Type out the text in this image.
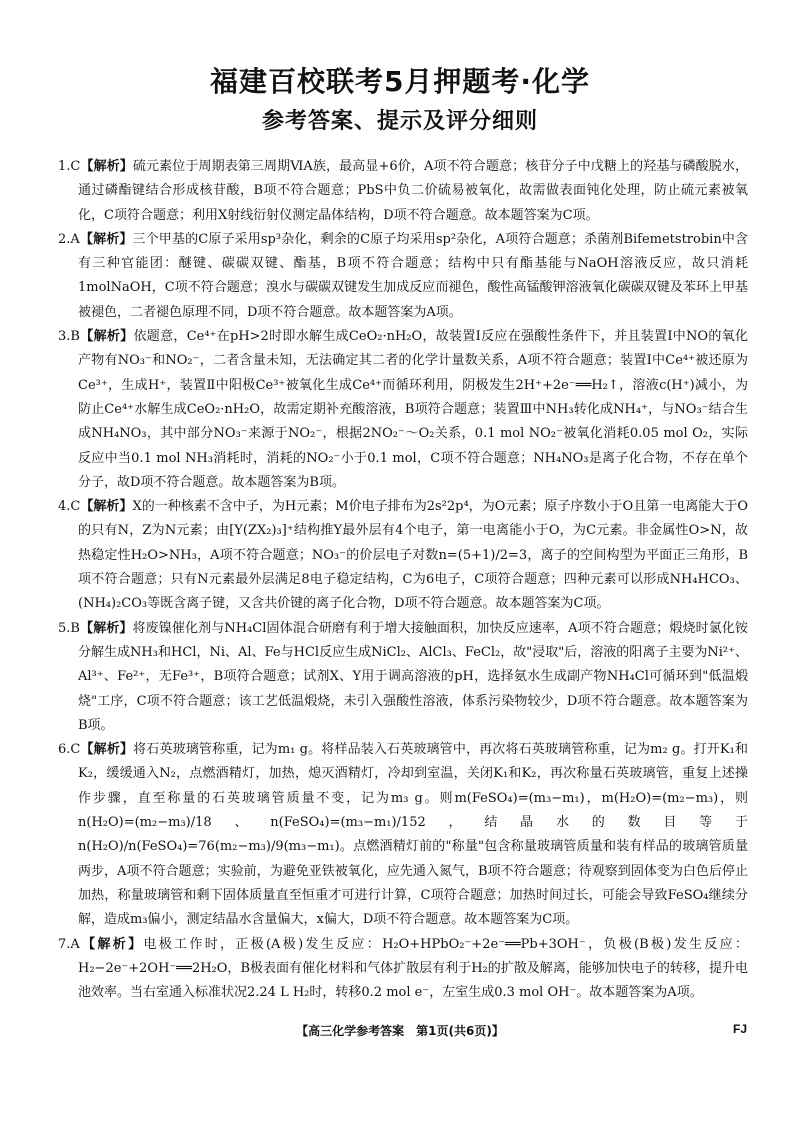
福建百校联考5月押题考·化学
参考答案、提示及评分细则

1.C【解析】硫元素位于周期表第三周期ⅥA族，最高显+6价，A项不符合题意；核苷分子中戊糖上的羟基与磷酸脱水，通过磷酯键结合形成核苷酸，B项不符合题意；PbS中负二价硫易被氧化，故需做表面钝化处理，防止硫元素被氧化，C项符合题意；利用X射线衍射仪测定晶体结构，D项不符合题意。故本题答案为C项。

2.A【解析】三个甲基的C原子采用sp³杂化，剩余的C原子均采用sp²杂化，A项符合题意；杀菌剂Bifemetstrobin中含有三种官能团：醚键、碳碳双键、酯基，B项不符合题意；结构中只有酯基能与NaOH溶液反应，故只消耗1molNaOH，C项不符合题意；溴水与碳碳双键发生加成反应而褪色，酸性高锰酸钾溶液氧化碳碳双键及苯环上甲基被褪色，二者褪色原理不同，D项不符合题意。故本题答案为A项。

3.B【解析】依题意，Ce⁴⁺在pH>2时即水解生成CeO₂·nH₂O，故装置Ⅰ反应在强酸性条件下，并且装置Ⅰ中NO的氧化产物有NO₃⁻和NO₂⁻，二者含量未知，无法确定其二者的化学计量数关系，A项不符合题意；装置Ⅰ中Ce⁴⁺被还原为Ce³⁺，生成H⁺，装置Ⅱ中阳极Ce³⁺被氧化生成Ce⁴⁺而循环利用，阴极发生2H⁺+2e⁻══H₂↑，溶液c(H⁺)减小，为防止Ce⁴⁺水解生成CeO₂·nH₂O，故需定期补充酸溶液，B项符合题意；装置Ⅲ中NH₃转化成NH₄⁺，与NO₃⁻结合生成NH₄NO₃，其中部分NO₃⁻来源于NO₂⁻，根据2NO₂⁻～O₂关系，0.1 mol NO₂⁻被氧化消耗0.05 mol O₂，实际反应中当0.1 mol NH₃消耗时，消耗的NO₂⁻小于0.1 mol，C项不符合题意；NH₄NO₃是离子化合物，不存在单个分子，故D项不符合题意。故本题答案为B项。

4.C【解析】X的一种核素不含中子，为H元素；M价电子排布为2s²2p⁴，为O元素；原子序数小于O且第一电离能大于O的只有N，Z为N元素；由[Y(ZX₂)₃]⁺结构推Y最外层有4个电子，第一电离能小于O，为C元素。非金属性O>N，故热稳定性H₂O>NH₃，A项不符合题意；NO₃⁻的价层电子对数n=(5+1)/2=3，离子的空间构型为平面正三角形，B项不符合题意；只有N元素最外层满足8电子稳定结构，C为6电子，C项符合题意；四种元素可以形成NH₄HCO₃、(NH₄)₂CO₃等既含离子键，又含共价键的离子化合物，D项不符合题意。故本题答案为C项。

5.B【解析】将废镍催化剂与NH₄Cl固体混合研磨有利于增大接触面积，加快反应速率，A项不符合题意；煅烧时氯化铵分解生成NH₃和HCl，Ni、Al、Fe与HCl反应生成NiCl₂、AlCl₃、FeCl₂，故"浸取"后，溶液的阳离子主要为Ni²⁺、Al³⁺、Fe²⁺，无Fe³⁺，B项符合题意；试剂X、Y用于调高溶液的pH，选择氨水生成副产物NH₄Cl可循环到"低温煅烧"工序，C项不符合题意；该工艺低温煅烧，未引入强酸性溶液，体系污染物较少，D项不符合题意。故本题答案为B项。

6.C【解析】将石英玻璃管称重，记为m₁ g。将样品装入石英玻璃管中，再次将石英玻璃管称重，记为m₂ g。打开K₁和K₂，缓缓通入N₂，点燃酒精灯，加热，熄灭酒精灯，冷却到室温，关闭K₁和K₂，再次称量石英玻璃管，重复上述操作步骤，直至称量的石英玻璃管质量不变，记为m₃ g。则m(FeSO₄)=(m₃−m₁)，m(H₂O)=(m₂−m₃)，则n(H₂O)=(m₂−m₃)/18、n(FeSO₄)=(m₃−m₁)/152，结晶水的数目等于n(H₂O)/n(FeSO₄)=76(m₂−m₃)/9(m₃−m₁)。点燃酒精灯前的"称量"包含称量玻璃管质量和装有样品的玻璃管质量两步，A项不符合题意；实验前，为避免亚铁被氧化，应先通入氮气，B项不符合题意；待观察到固体变为白色后停止加热，称量玻璃管和剩下固体质量直至恒重才可进行计算，C项符合题意；加热时间过长，可能会导致FeSO₄继续分解，造成m₃偏小，测定结晶水含量偏大，x偏大，D项不符合题意。故本题答案为C项。

7.A【解析】电极工作时，正极(A极)发生反应：H₂O+HPbO₂⁻+2e⁻══Pb+3OH⁻，负极(B极)发生反应：H₂−2e⁻+2OH⁻══2H₂O，B极表面有催化材料和气体扩散层有利于H₂的扩散及解离，能够加快电子的转移，提升电池效率。当右室通入标准状况2.24 L H₂时，转移0.2 mol e⁻，左室生成0.3 mol OH⁻。故本题答案为A项。

【高三化学参考答案　第1页(共6页)】	FJ
